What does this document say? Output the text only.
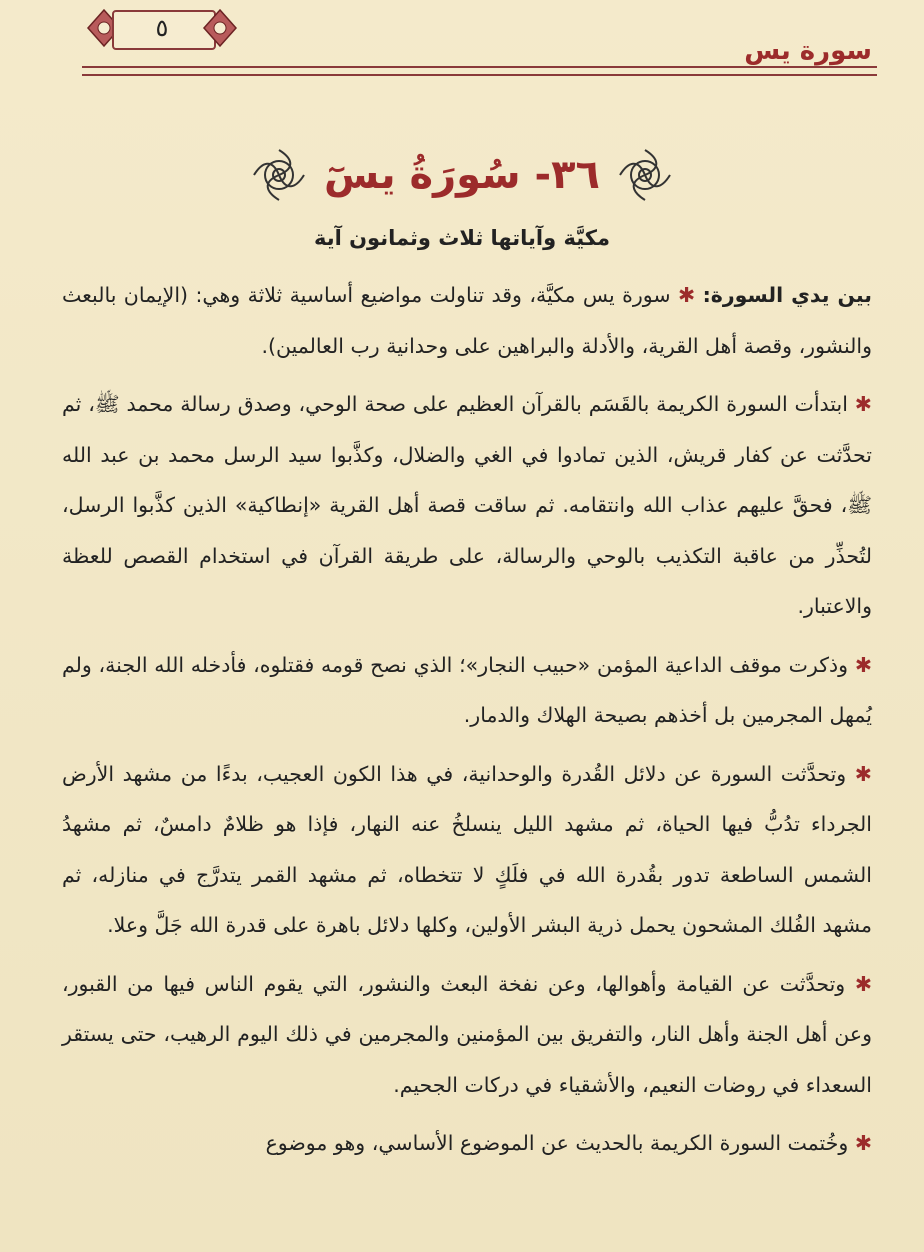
٥
سورة يس
٣٦- سُورَةُ يسٓ
مكيَّة وآياتها ثلاث وثمانون آية

بين يدي السورة: ✱ سورة يس مكيَّة، وقد تناولت مواضيع أساسية ثلاثة وهي: (الإيمان بالبعث والنشور، وقصة أهل القرية، والأدلة والبراهين على وحدانية رب العالمين).

✱ ابتدأت السورة الكريمة بالقَسَم بالقرآن العظيم على صحة الوحي، وصدق رسالة محمد ﷺ، ثم تحدَّثت عن كفار قريش، الذين تمادوا في الغي والضلال، وكذَّبوا سيد الرسل محمد بن عبد الله ﷺ، فحقَّ عليهم عذاب الله وانتقامه. ثم ساقت قصة أهل القرية «إنطاكية» الذين كذَّبوا الرسل، لتُحذِّر من عاقبة التكذيب بالوحي والرسالة، على طريقة القرآن في استخدام القصص للعظة والاعتبار.

✱ وذكرت موقف الداعية المؤمن «حبيب النجار»؛ الذي نصح قومه فقتلوه، فأدخله الله الجنة، ولم يُمهل المجرمين بل أخذهم بصيحة الهلاك والدمار.

✱ وتحدَّثت السورة عن دلائل القُدرة والوحدانية، في هذا الكون العجيب، بدءًا من مشهد الأرض الجرداء تدُبُّ فيها الحياة، ثم مشهد الليل ينسلخُ عنه النهار، فإذا هو ظلامٌ دامسٌ، ثم مشهدُ الشمس الساطعة تدور بقُدرة الله في فلَكٍ لا تتخطاه، ثم مشهد القمر يتدرَّج في منازله، ثم مشهد الفُلك المشحون يحمل ذرية البشر الأولين، وكلها دلائل باهرة على قدرة الله جَلَّ وعلا.

✱ وتحدَّثت عن القيامة وأهوالها، وعن نفخة البعث والنشور، التي يقوم الناس فيها من القبور، وعن أهل الجنة وأهل النار، والتفريق بين المؤمنين والمجرمين في ذلك اليوم الرهيب، حتى يستقر السعداء في روضات النعيم، والأشقياء في دركات الجحيم.

✱ وخُتمت السورة الكريمة بالحديث عن الموضوع الأساسي، وهو موضوع
